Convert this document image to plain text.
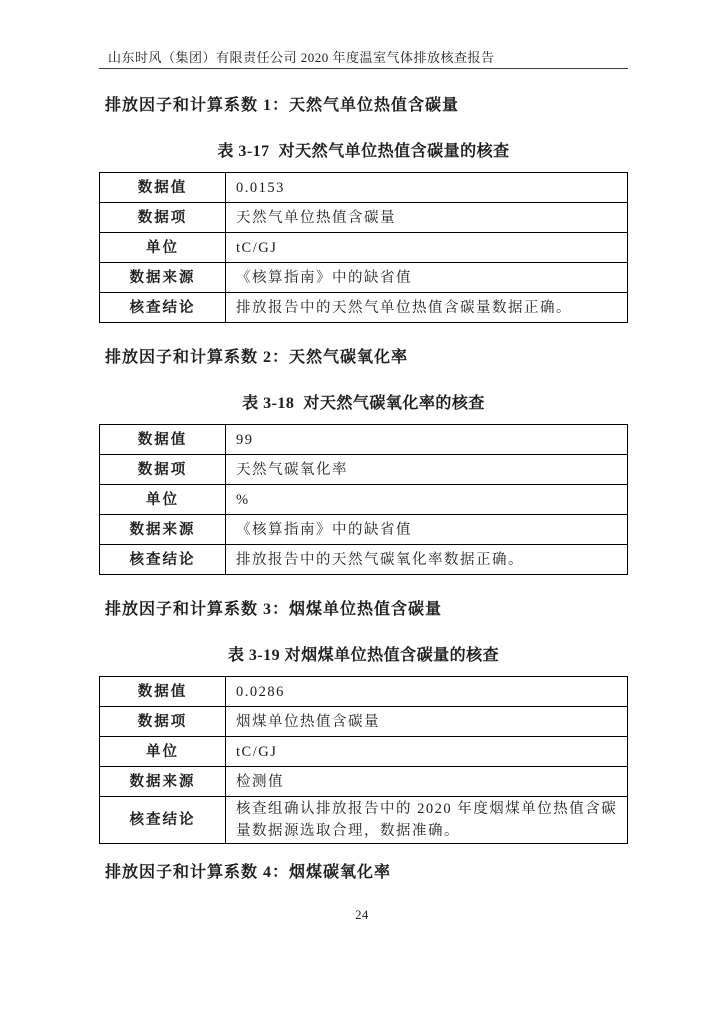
山东时风（集团）有限责任公司 2020 年度温室气体排放核查报告
排放因子和计算系数 1：天然气单位热值含碳量
表 3-17  对天然气单位热值含碳量的核查
数据值	0.0153
数据项	天然气单位热值含碳量
单位	tC/GJ
数据来源	《核算指南》中的缺省值
核查结论	排放报告中的天然气单位热值含碳量数据正确。
排放因子和计算系数 2：天然气碳氧化率
表 3-18  对天然气碳氧化率的核查
数据值	99
数据项	天然气碳氧化率
单位	%
数据来源	《核算指南》中的缺省值
核查结论	排放报告中的天然气碳氧化率数据正确。
排放因子和计算系数 3：烟煤单位热值含碳量
表 3-19 对烟煤单位热值含碳量的核查
数据值	0.0286
数据项	烟煤单位热值含碳量
单位	tC/GJ
数据来源	检测值
核查结论	核查组确认排放报告中的 2020 年度烟煤单位热值含碳量数据源选取合理，数据准确。
排放因子和计算系数 4：烟煤碳氧化率
24
